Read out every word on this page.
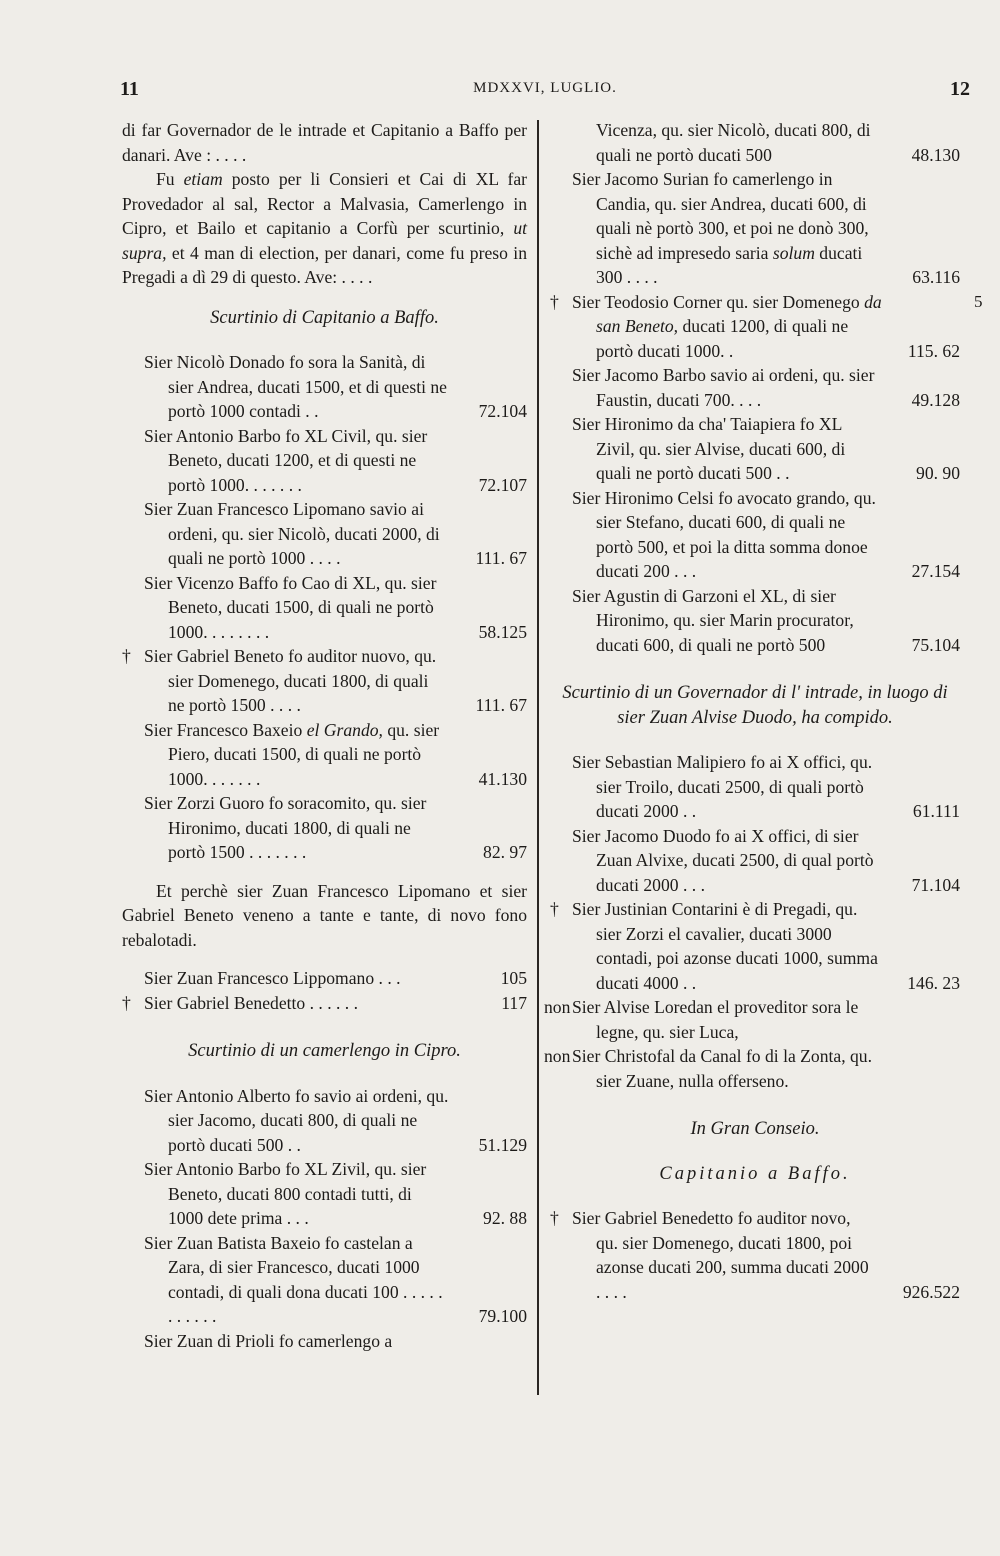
11	MDXXVI, LUGLIO.	12
5

di far Governador de le intrade et Capitanio a Baffo per danari. Ave : . . . .

Fu etiam posto per li Consieri et Cai di XL far Provedador al sal, Rector a Malvasia, Camerlengo in Cipro, et Bailo et capitanio a Corfù per scurtinio, ut supra, et 4 man di election, per danari, come fu preso in Pregadi a dì 29 di questo. Ave: . . . .

Scurtinio di Capitanio a Baffo.

Sier Nicolò Donado fo sora la Sanità, di sier Andrea, ducati 1500, et di questi ne portò 1000 contadi . .	72.104

Sier Antonio Barbo fo XL Civil, qu. sier Beneto, ducati 1200, et di questi ne portò 1000. . . . . . .	72.107

Sier Zuan Francesco Lipomano savio ai ordeni, qu. sier Nicolò, ducati 2000, di quali ne portò 1000 . . . .	111. 67

Sier Vicenzo Baffo fo Cao di XL, qu. sier Beneto, ducati 1500, di quali ne portò 1000. . . . . . . .	58.125

† Sier Gabriel Beneto fo auditor nuovo, qu. sier Domenego, ducati 1800, di quali ne portò 1500 . . . .	111. 67

Sier Francesco Baxeio el Grando, qu. sier Piero, ducati 1500, di quali ne portò 1000. . . . . . .	41.130

Sier Zorzi Guoro fo soracomito, qu. sier Hironimo, ducati 1800, di quali ne portò 1500 . . . . . . .	82. 97

Et perchè sier Zuan Francesco Lipomano et sier Gabriel Beneto veneno a tante e tante, di novo fono rebalotadi.

Sier Zuan Francesco Lippomano . . .	105

† Sier Gabriel Benedetto . . . . . .	117

Scurtinio di un camerlengo in Cipro.

Sier Antonio Alberto fo savio ai ordeni, qu. sier Jacomo, ducati 800, di quali ne portò ducati 500 . .	51.129

Sier Antonio Barbo fo XL Zivil, qu. sier Beneto, ducati 800 contadi tutti, di 1000 dete prima . . .	92. 88

Sier Zuan Batista Baxeio fo castelan a Zara, di sier Francesco, ducati 1000 contadi, di quali dona ducati 100 . . . . . . . . . . .	79.100

Sier Zuan di Prioli fo camerlengo a

Vicenza, qu. sier Nicolò, ducati 800, di quali ne portò ducati 500	48.130

Sier Jacomo Surian fo camerlengo in Candia, qu. sier Andrea, ducati 600, di quali nè portò 300, et poi ne donò 300, sichè ad impresedo saria solum ducati 300 . . . .	63.116

† Sier Teodosio Corner qu. sier Domenego da san Beneto, ducati 1200, di quali ne portò ducati 1000. .	115. 62

Sier Jacomo Barbo savio ai ordeni, qu. sier Faustin, ducati 700. . . .	49.128

Sier Hironimo da cha' Taiapiera fo XL Zivil, qu. sier Alvise, ducati 600, di quali ne portò ducati 500 . .	90. 90

Sier Hironimo Celsi fo avocato grando, qu. sier Stefano, ducati 600, di quali ne portò 500, et poi la ditta somma donoe ducati 200 . . .	27.154

Sier Agustin di Garzoni el XL, di sier Hironimo, qu. sier Marin procurator, ducati 600, di quali ne portò 500	75.104

Scurtinio di un Governador di l' intrade, in luogo di sier Zuan Alvise Duodo, ha compido.

Sier Sebastian Malipiero fo ai X offici, qu. sier Troilo, ducati 2500, di quali portò ducati 2000 . .	61.111

Sier Jacomo Duodo fo ai X offici, di sier Zuan Alvixe, ducati 2500, di qual portò ducati 2000 . . .	71.104

† Sier Justinian Contarini è di Pregadi, qu. sier Zorzi el cavalier, ducati 3000 contadi, poi azonse ducati 1000, summa ducati 4000 . .	146. 23

non Sier Alvise Loredan el proveditor sora le legne, qu. sier Luca,

non Sier Christofal da Canal fo di la Zonta, qu. sier Zuane, nulla offerseno.

In Gran Conseio.

Capitanio a Baffo.

† Sier Gabriel Benedetto fo auditor novo, qu. sier Domenego, ducati 1800, poi azonse ducati 200, summa ducati 2000 . . . .	926.522
